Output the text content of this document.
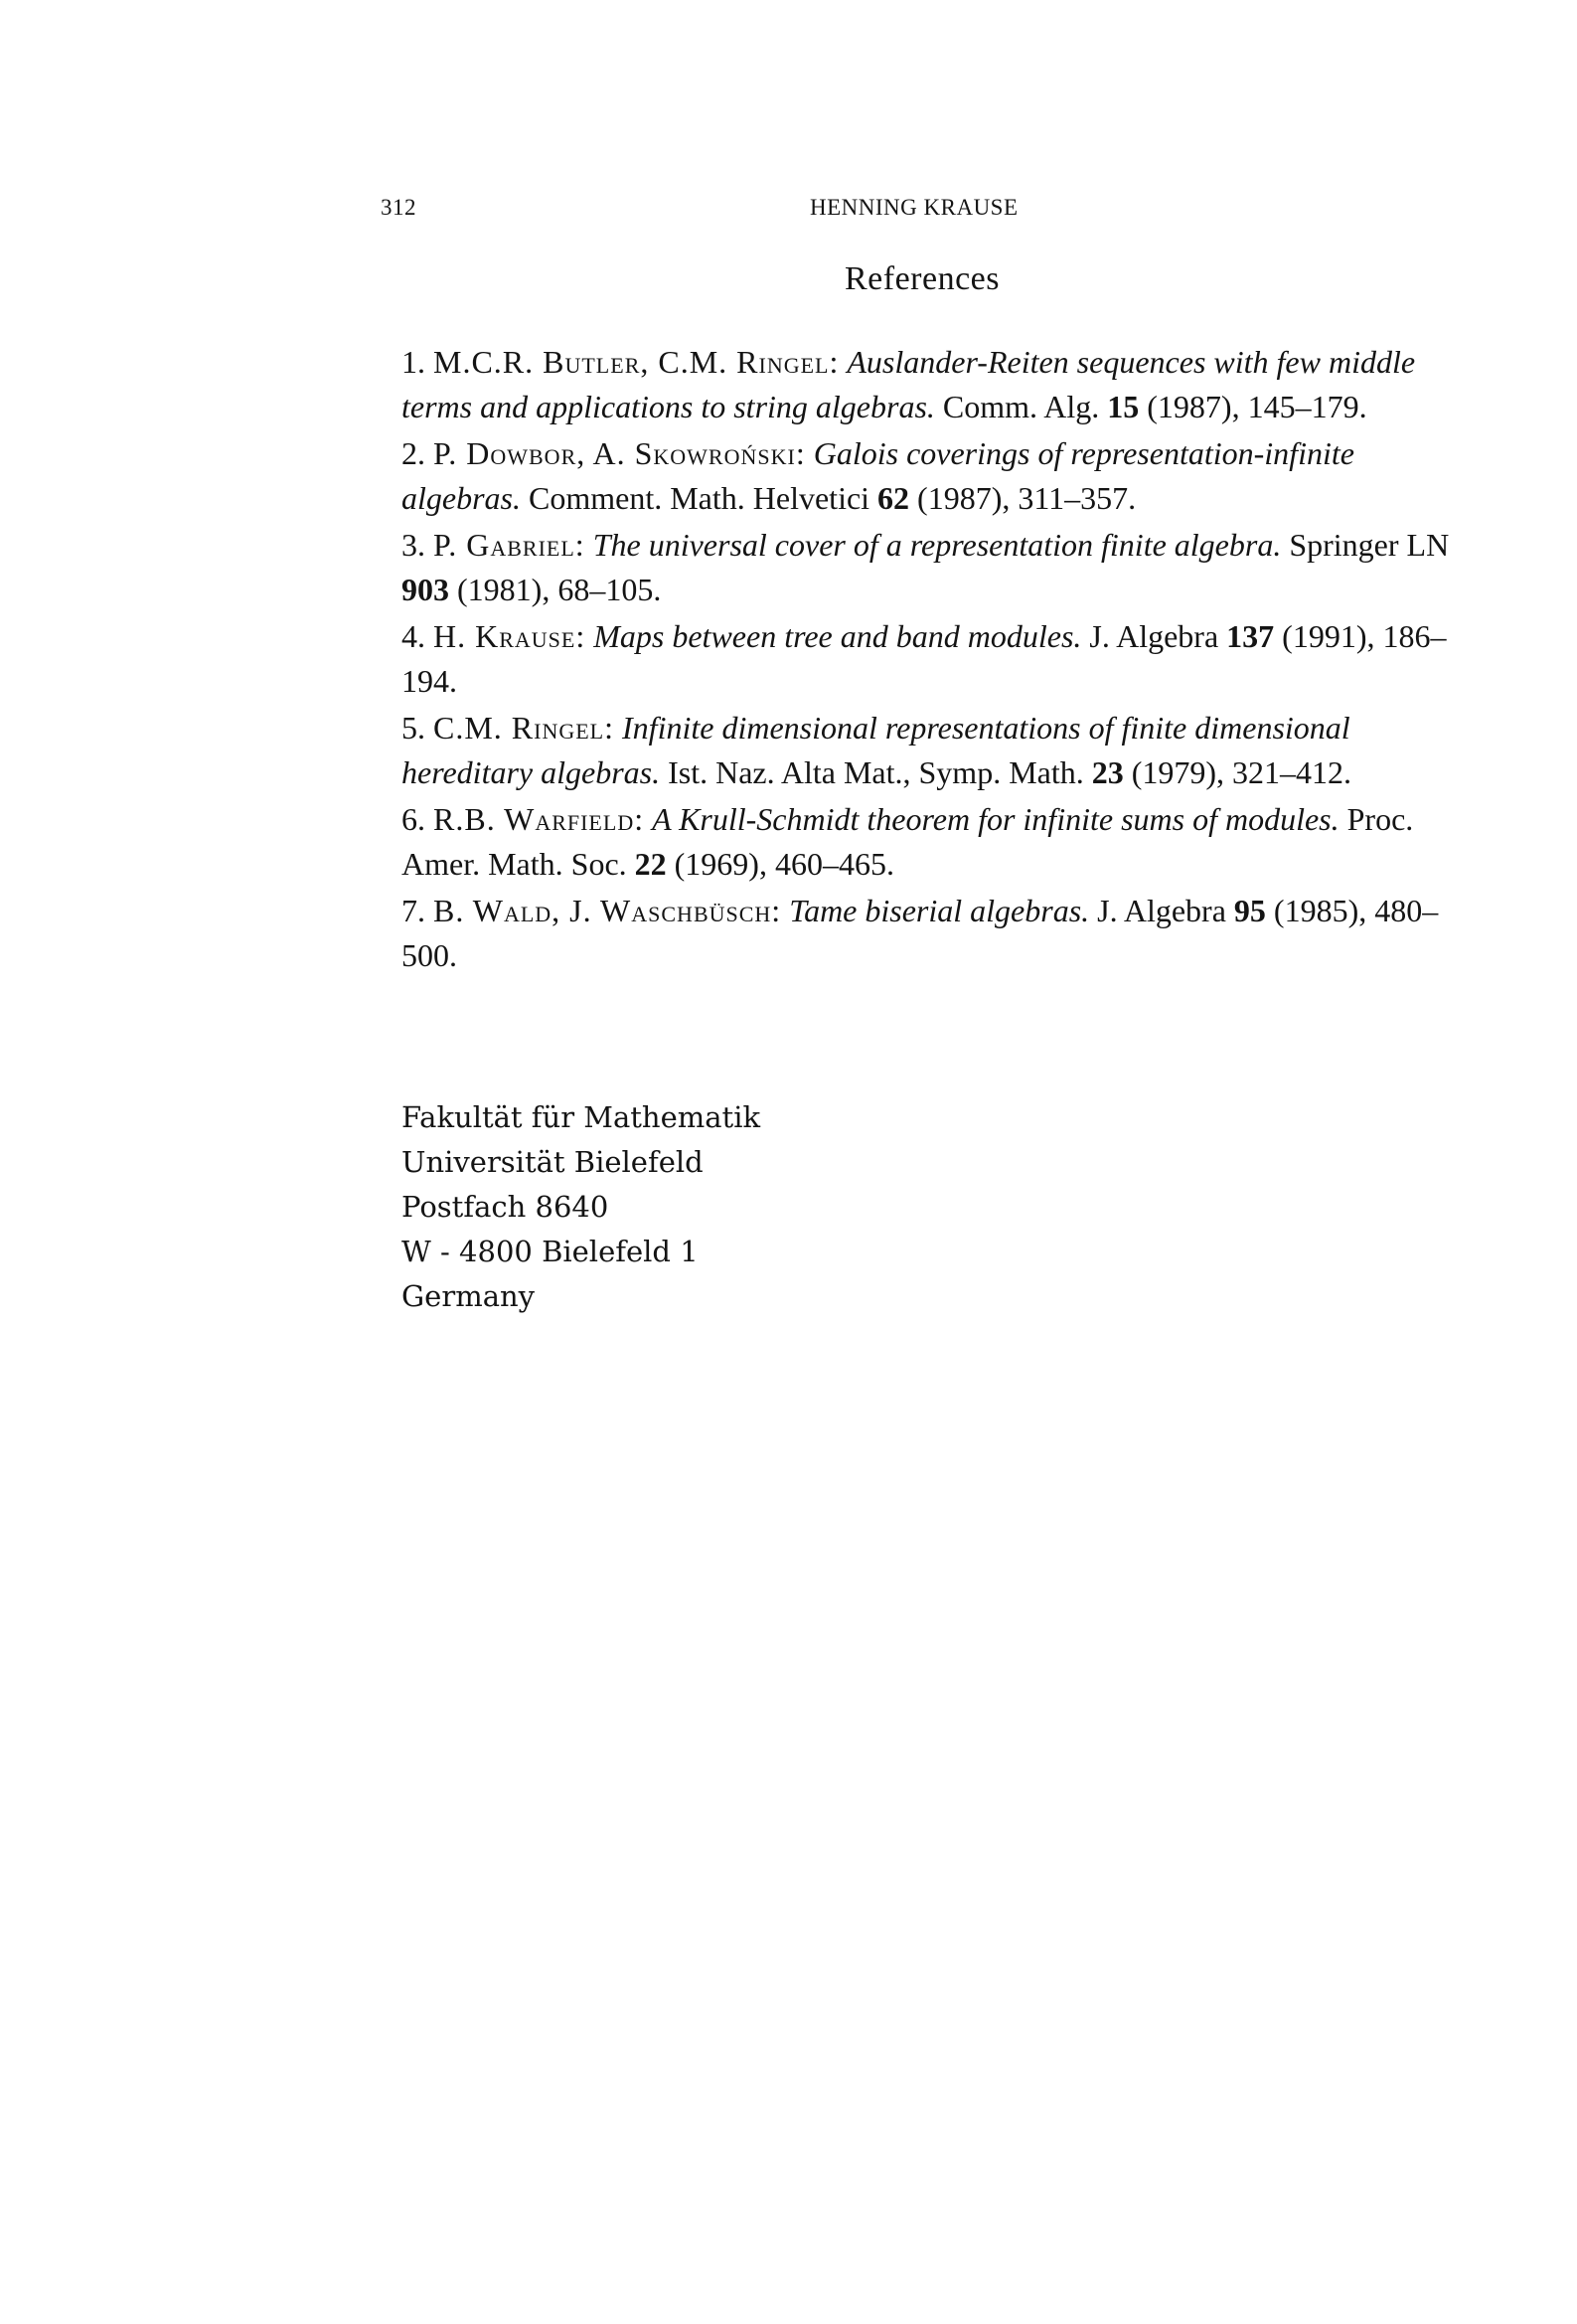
312	HENNING KRAUSE
References

1. M.C.R. Butler, C.M. Ringel: Auslander-Reiten sequences with few middle terms and applications to string algebras. Comm. Alg. 15 (1987), 145–179.

2. P. Dowbor, A. Skowroński: Galois coverings of representation-infinite algebras. Comment. Math. Helvetici 62 (1987), 311–357.

3. P. Gabriel: The universal cover of a representation finite algebra. Springer LN 903 (1981), 68–105.

4. H. Krause: Maps between tree and band modules. J. Algebra 137 (1991), 186–194.

5. C.M. Ringel: Infinite dimensional representations of finite dimensional hereditary algebras. Ist. Naz. Alta Mat., Symp. Math. 23 (1979), 321–412.

6. R.B. Warfield: A Krull-Schmidt theorem for infinite sums of modules. Proc. Amer. Math. Soc. 22 (1969), 460–465.

7. B. Wald, J. Waschbüsch: Tame biserial algebras. J. Algebra 95 (1985), 480–500.

Fakultät für Mathematik
Universität Bielefeld
Postfach 8640
W - 4800 Bielefeld 1
Germany
